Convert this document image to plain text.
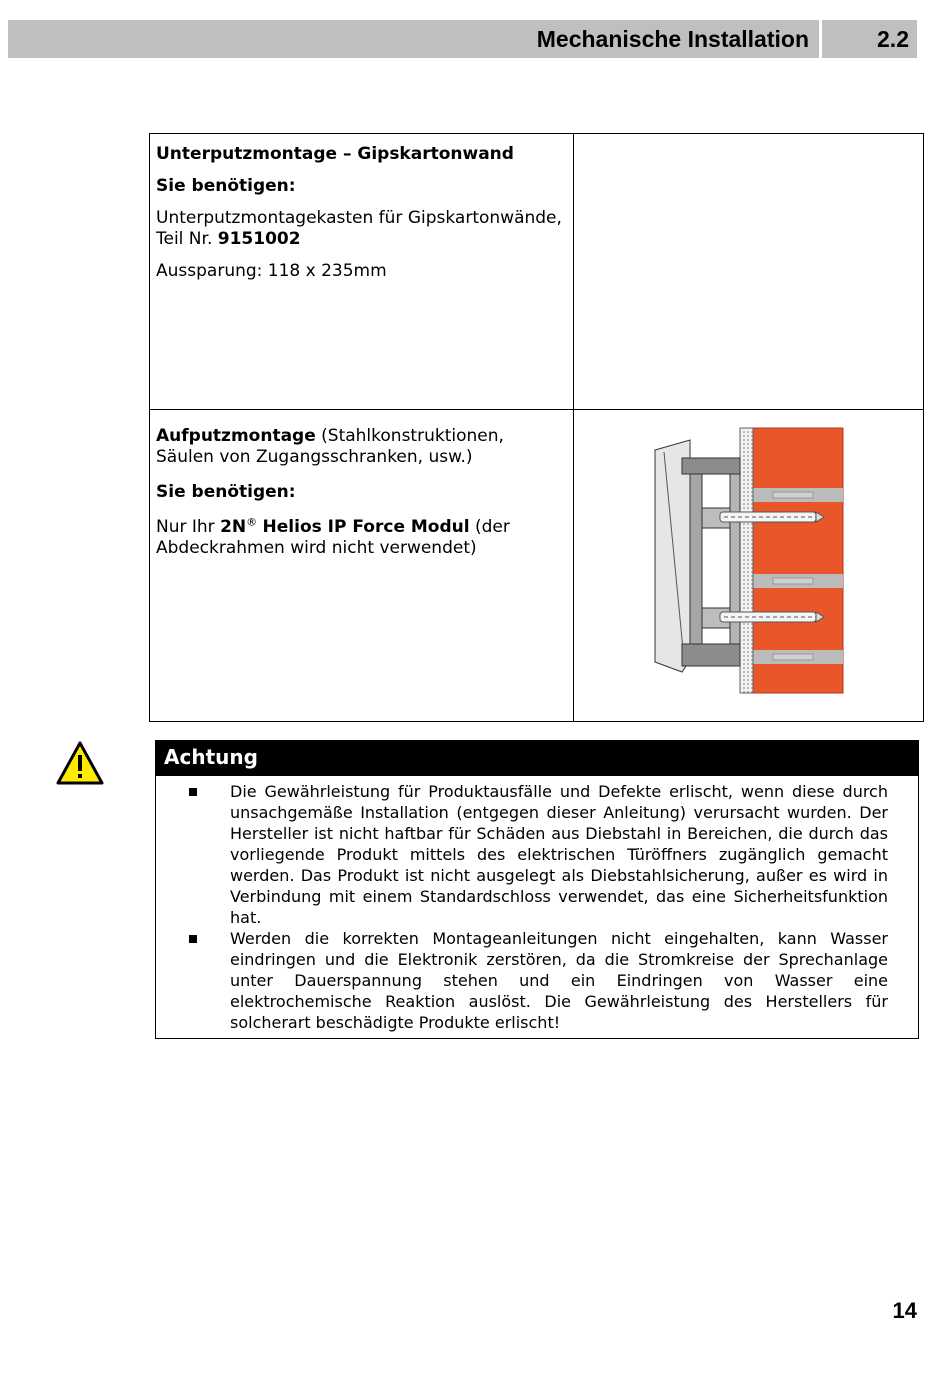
Mechanische Installation	2.2

Unterputzmontage – Gipskartonwand

Sie benötigen:

Unterputzmontagekasten für Gipskartonwände, Teil Nr. 9151002

Aussparung: 118 x 235mm	

Aufputzmontage (Stahlkonstruktionen, Säulen von Zugangsschranken, usw.)

Sie benötigen:

Nur Ihr 2N® Helios IP Force Modul (der Abdeckrahmen wird nicht verwendet)

Achtung
Die Gewährleistung für Produktausfälle und Defekte erlischt, wenn diese durch unsachgemäße Installation (entgegen dieser Anleitung) verursacht wurden. Der Hersteller ist nicht haftbar für Schäden aus Diebstahl in Bereichen, die durch das vorliegende Produkt mittels des elektrischen Türöffners zugänglich gemacht werden. Das Produkt ist nicht ausgelegt als Diebstahlsicherung, außer es wird in Verbindung mit einem Standardschloss verwendet, das eine Sicherheitsfunktion hat.
Werden die korrekten Montageanleitungen nicht eingehalten, kann Wasser eindringen und die Elektronik zerstören, da die Stromkreise der Sprechanlage unter Dauerspannung stehen und ein Eindringen von Wasser eine elektrochemische Reaktion auslöst. Die Gewährleistung des Herstellers für solcherart beschädigte Produkte erlischt!
14
